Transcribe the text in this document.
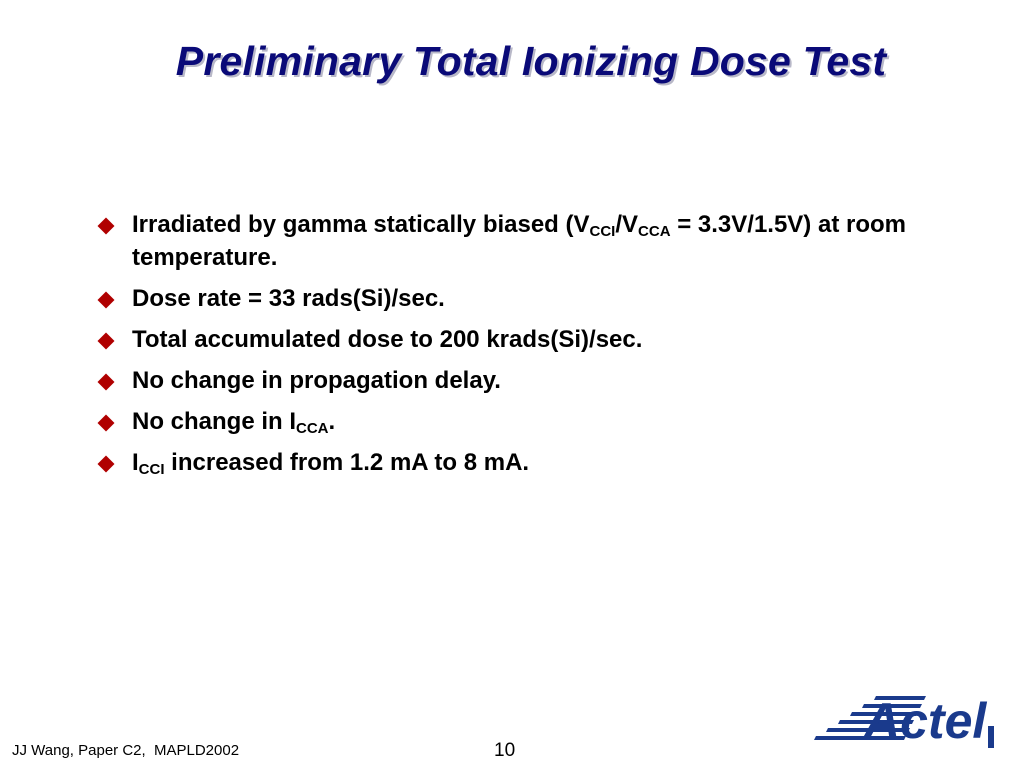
Preliminary Total Ionizing Dose Test
Irradiated by gamma statically biased $(V_{CCI}/V_{CCA} = 3.3V/1.5V)$ at room temperature.
Dose rate = 33 rads(Si)/sec.
Total accumulated dose to 200 krads(Si)/sec.
No change in propagation delay.
No change in $I_{CCA}$.
$I_{CCI}$ increased from 1.2 mA to 8 mA.
JJ Wang, Paper C2,  MAPLD2002	10
Actel
